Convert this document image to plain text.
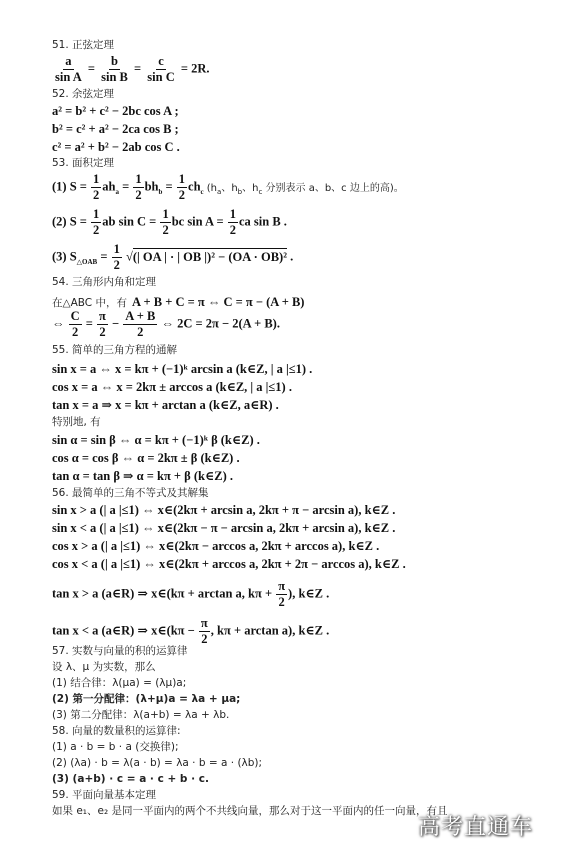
51. 正弦定理
$\frac{a}{\text{sin A}} = \frac{b}{\text{sin B}} = \frac{c}{\text{sin C}} = 2R$.
52. 余弦定理
a² = b² + c² − 2bc cos A ;
b² = c² + a² − 2ca cos B ;
c² = a² + b² − 2ab cos C .
53. 面积定理
(1) $S = \frac{1}{2} ah_a = \frac{1}{2} bh_b = \frac{1}{2} ch_c$ ($h_a$、$h_b$、$h_c$ 分别表示 a、b、c 边上的高)。
(2) $S = \frac{1}{2}$ ab $\sin C = \frac{1}{2}$ bc $\sin A = \frac{1}{2}$ ca sin B .
(3) $S_{\triangle OAB} = \frac{1}{2}$ √(| OA | · | OB |)² − (OA · OB)² .
54. 三角形内角和定理
在△ABC 中，有 A + B + C = π ⇔ C = π − (A + B)
⇔ $\frac{C}{2} = \frac{\pi}{2} - \frac{A + B}{2}$ ⇔ 2C = 2π − 2(A + B).
55. 简单的三角方程的通解
sin x = a ⇔ x = kπ + (−1)ᵏ arcsin a (k∈Z, | a |≤1) .
cos x = a ⇔ x = 2kπ ± arccos a (k∈Z, | a |≤1) .
tan x = a ⇒ x = kπ + arctan a (k∈Z, a∈R) .
特别地, 有
sin α = sin β ⇔ α = kπ + (−1)ᵏ β (k∈Z) .
cos α = cos β ⇔ α = 2kπ ± β (k∈Z) .
tan α = tan β ⇒ α = kπ + β (k∈Z) .
56. 最简单的三角不等式及其解集
sin x > a (| a |≤1) ⇔ x∈(2kπ + arcsin a, 2kπ + π − arcsin a), k∈Z .
sin x < a (| a |≤1) ⇔ x∈(2kπ − π − arcsin a, 2kπ + arcsin a), k∈Z .
cos x > a (| a |≤1) ⇔ x∈(2kπ − arccos a, 2kπ + arccos a), k∈Z .
cos x < a (| a |≤1) ⇔ x∈(2kπ + arccos a, 2kπ + 2π − arccos a), k∈Z .
tan x > a (a∈R) ⇒ x∈(kπ + arctan a, $k\pi + \frac{\pi}{2}$ ), k∈Z .
tan x < a (a∈R) ⇒ x∈(kπ − $\frac{\pi}{2}$ , kπ + arctan a), k∈Z .
57. 实数与向量的积的运算律
设 λ、μ 为实数，那么
(1) 结合律：λ(μa) = (λμ)a;
(2) 第一分配律：(λ+μ)a = λa + μa;
(3) 第二分配律：λ(a+b) = λa + λb.
58. 向量的数量积的运算律:
(1) a · b = b · a (交换律);
(2) (λa) · b = λ(a · b) = λa · b = a · (λb);
(3) (a+b) · c = a · c + b · c.
59. 平面向量基本定理
如果 e₁、e₂ 是同一平面内的两个不共线向量，那么对于这一平面内的任一向量，有且
高考直通车
